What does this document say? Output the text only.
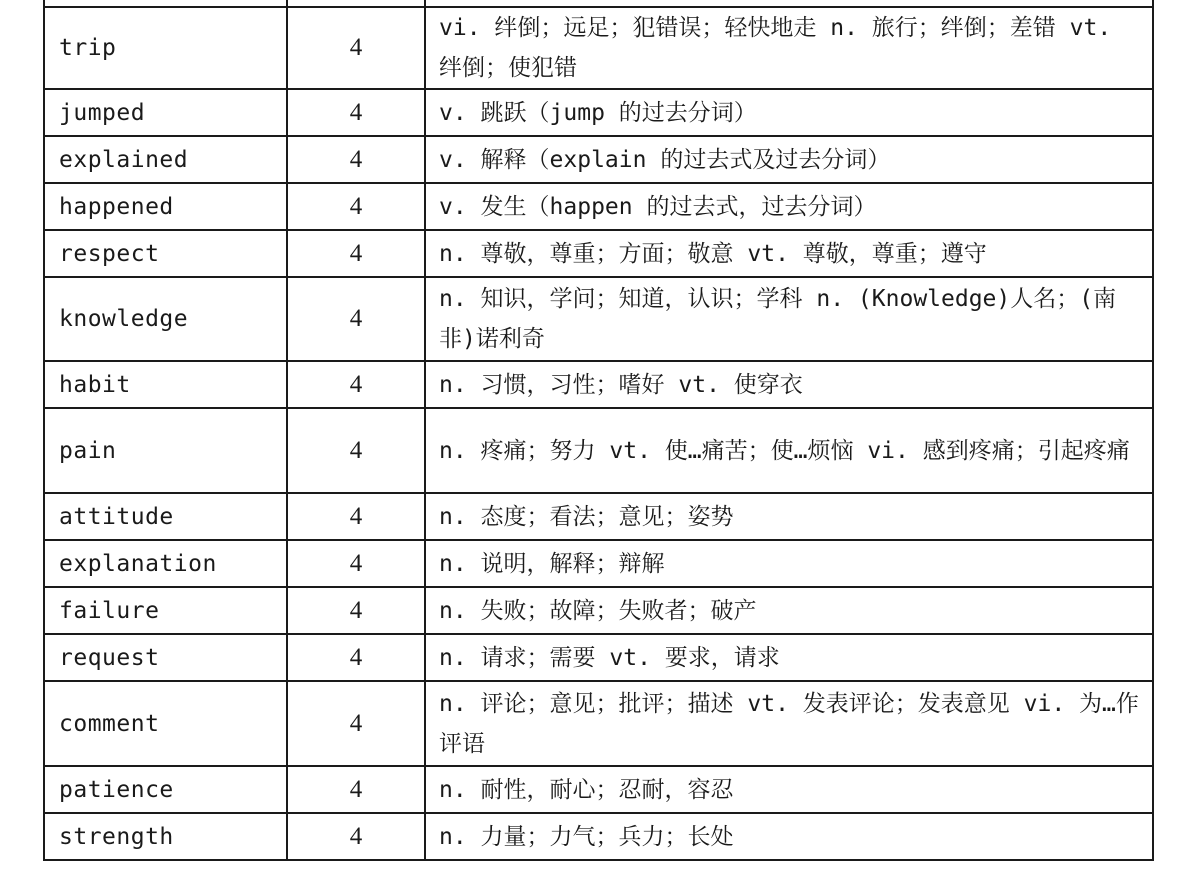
trip	4	vi. 绊倒；远足；犯错误；轻快地走 n. 旅行；绊倒；差错 vt. 绊倒；使犯错
jumped	4	v. 跳跃（jump 的过去分词）
explained	4	v. 解释（explain 的过去式及过去分词）
happened	4	v. 发生（happen 的过去式，过去分词）
respect	4	n. 尊敬，尊重；方面；敬意 vt. 尊敬，尊重；遵守
knowledge	4	n. 知识，学问；知道，认识；学科 n. (Knowledge)人名；(南非)诺利奇
habit	4	n. 习惯，习性；嗜好 vt. 使穿衣
pain	4	n. 疼痛；努力 vt. 使…痛苦；使…烦恼 vi. 感到疼痛；引起疼痛
attitude	4	n. 态度；看法；意见；姿势
explanation	4	n. 说明，解释；辩解
failure	4	n. 失败；故障；失败者；破产
request	4	n. 请求；需要 vt. 要求，请求
comment	4	n. 评论；意见；批评；描述 vt. 发表评论；发表意见 vi. 为…作评语
patience	4	n. 耐性，耐心；忍耐，容忍
strength	4	n. 力量；力气；兵力；长处
